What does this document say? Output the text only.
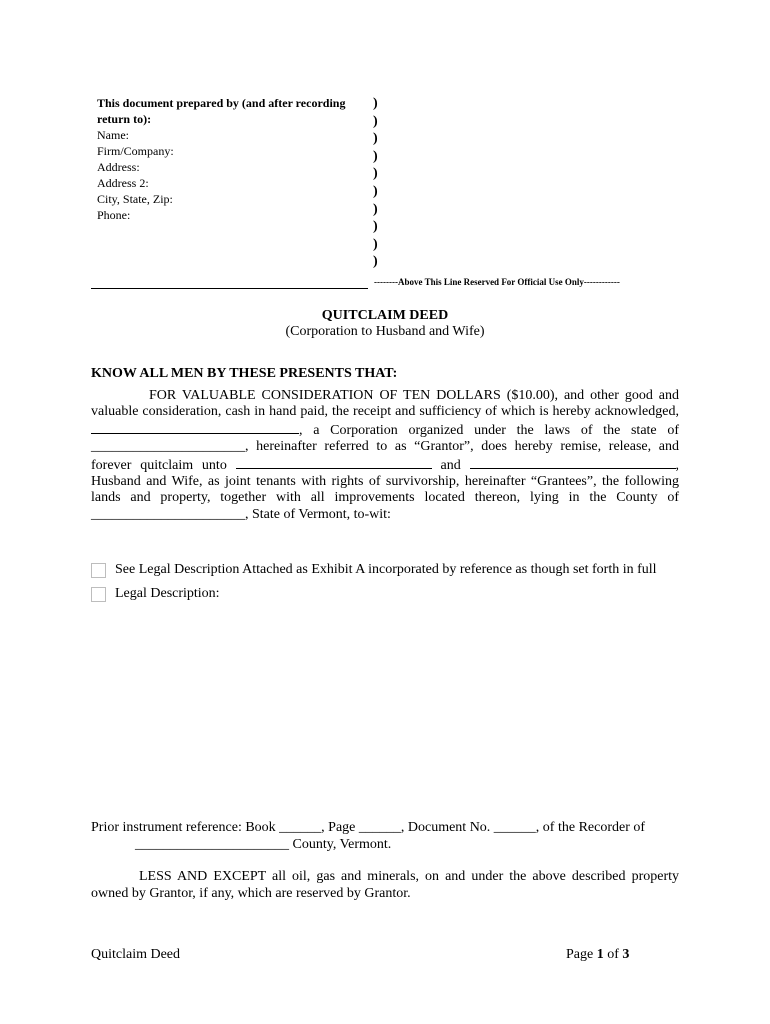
This document prepared by (and after recording return to):
Name:
Firm/Company:
Address:
Address 2:
City, State, Zip:
Phone:
)
)
)
)
)
)
)
)
)
)
--------Above This Line Reserved For Official Use Only------------
QUITCLAIM DEED
(Corporation to Husband and Wife)
KNOW ALL MEN BY THESE PRESENTS THAT:

FOR VALUABLE CONSIDERATION OF TEN DOLLARS ($10.00), and other good and valuable consideration, cash in hand paid, the receipt and sufficiency of which is hereby acknowledged, , a Corporation organized under the laws of the state of ______________________, hereinafter referred to as “Grantor”, does hereby remise, release, and forever quitclaim unto	and	, Husband and Wife, as joint tenants with rights of survivorship, hereinafter “Grantees”, the following lands and property, together with all improvements located thereon, lying in the County of ______________________, State of Vermont, to-wit:

See Legal Description Attached as Exhibit A incorporated by reference as though set forth in full
Legal Description:
Prior instrument reference: Book ______, Page ______, Document No. ______, of the Recorder of
______________________ County, Vermont.
LESS AND EXCEPT all oil, gas and minerals, on and under the above described property owned by Grantor, if any, which are reserved by Grantor.
Quitclaim Deed	Page 1 of 3
